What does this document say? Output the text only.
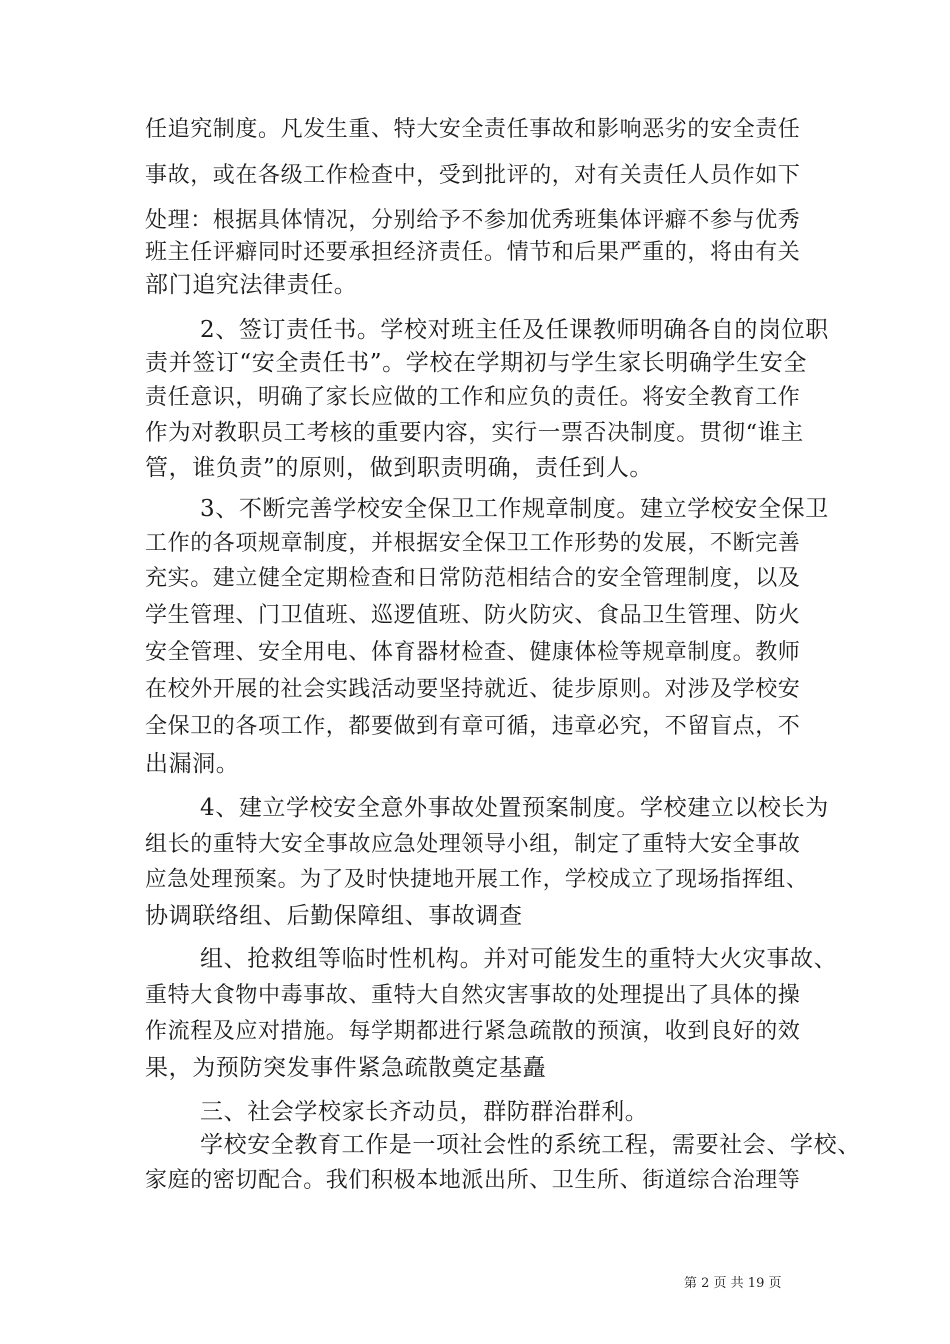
任追究制度。凡发生重、特大安全责任事故和影响恶劣的安全责任
事故，或在各级工作检查中，受到批评的，对有关责任人员作如下
处理：根据具体情况，分别给予不参加优秀班集体评癖不参与优秀
班主任评癖同时还要承担经济责任。情节和后果严重的，将由有关
部门追究法律责任。
2、签订责任书。学校对班主任及任课教师明确各自的岗位职
责并签订“安全责任书”。学校在学期初与学生家长明确学生安全
责任意识，明确了家长应做的工作和应负的责任。将安全教育工作
作为对教职员工考核的重要内容，实行一票否决制度。贯彻“谁主
管，谁负责”的原则，做到职责明确，责任到人。
3、不断完善学校安全保卫工作规章制度。建立学校安全保卫
工作的各项规章制度，并根据安全保卫工作形势的发展，不断完善
充实。建立健全定期检查和日常防范相结合的安全管理制度，以及
学生管理、门卫值班、巡逻值班、防火防灾、食品卫生管理、防火
安全管理、安全用电、体育器材检查、健康体检等规章制度。教师
在校外开展的社会实践活动要坚持就近、徒步原则。对涉及学校安
全保卫的各项工作，都要做到有章可循，违章必究，不留盲点，不
出漏洞。
4、建立学校安全意外事故处置预案制度。学校建立以校长为
组长的重特大安全事故应急处理领导小组，制定了重特大安全事故
应急处理预案。为了及时快捷地开展工作，学校成立了现场指挥组、
协调联络组、后勤保障组、事故调查
组、抢救组等临时性机构。并对可能发生的重特大火灾事故、
重特大食物中毒事故、重特大自然灾害事故的处理提出了具体的操
作流程及应对措施。每学期都进行紧急疏散的预演，收到良好的效
果，为预防突发事件紧急疏散奠定基矗
三、社会学校家长齐动员，群防群治群利。
学校安全教育工作是一项社会性的系统工程，需要社会、学校、
家庭的密切配合。我们积极本地派出所、卫生所、街道综合治理等
第 2 页 共 19 页
